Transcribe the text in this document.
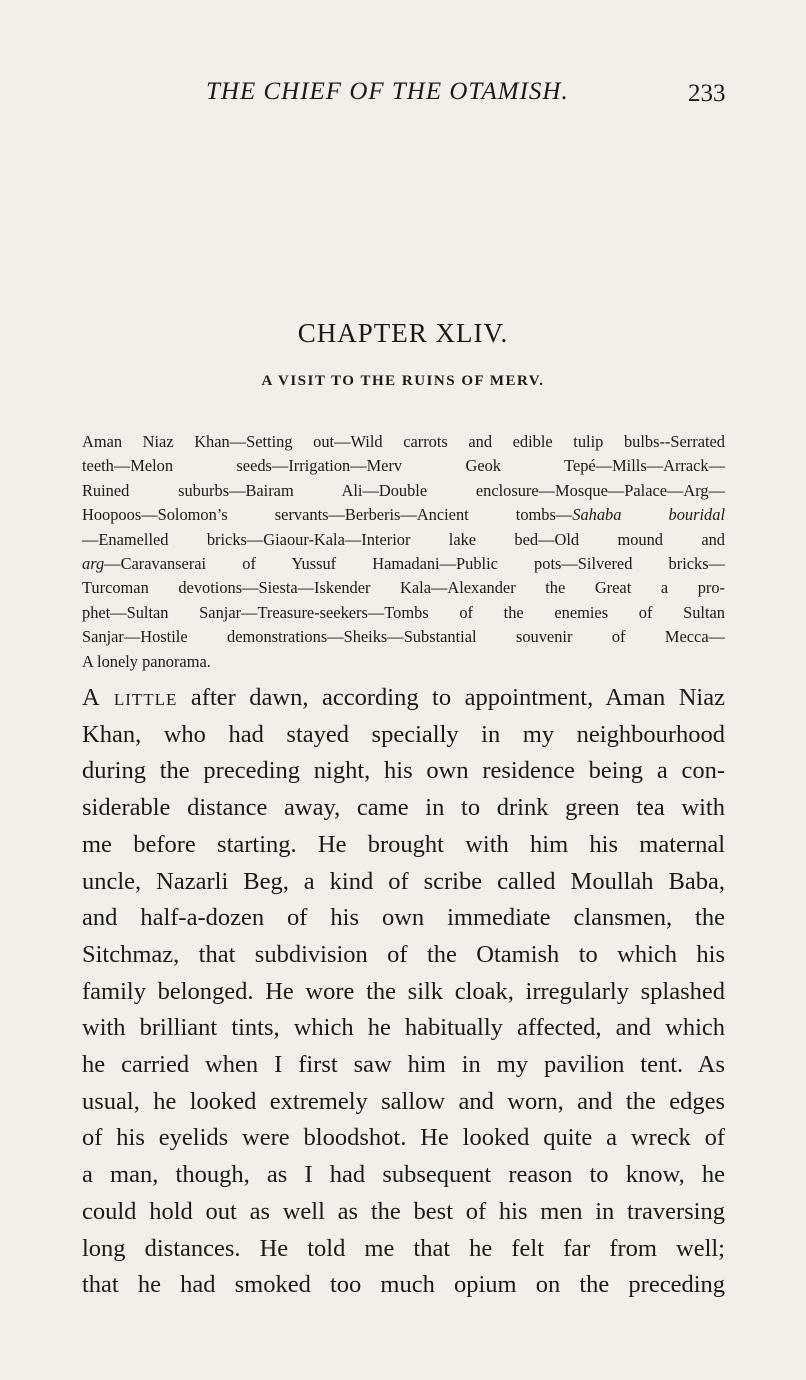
THE CHIEF OF THE OTAMISH.	233
CHAPTER XLIV.
A VISIT TO THE RUINS OF MERV.
Aman Niaz Khan—Setting out—Wild carrots and edible tulip bulbs--Serrated
teeth—Melon seeds—Irrigation—Merv Geok Tepé—Mills—Arrack—
Ruined suburbs—Bairam Ali—Double enclosure—Mosque—Palace—Arg—
Hoopoos—Solomon’s servants—Berberis—Ancient tombs—Sahaba bouridal
—Enamelled bricks—Giaour-Kala—Interior lake bed—Old mound and
arg—Caravanserai of Yussuf Hamadani—Public pots—Silvered bricks—
Turcoman devotions—Siesta—Iskender Kala—Alexander the Great a pro-
phet—Sultan Sanjar—Treasure-seekers—Tombs of the enemies of Sultan
Sanjar—Hostile demonstrations—Sheiks—Substantial souvenir of Mecca—
A lonely panorama.
A little after dawn, according to appointment, Aman Niaz
Khan, who had stayed specially in my neighbourhood
during the preceding night, his own residence being a con-
siderable distance away, came in to drink green tea with
me before starting. He brought with him his maternal
uncle, Nazarli Beg, a kind of scribe called Moullah Baba,
and half-a-dozen of his own immediate clansmen, the
Sitchmaz, that subdivision of the Otamish to which his
family belonged. He wore the silk cloak, irregularly splashed
with brilliant tints, which he habitually affected, and which
he carried when I first saw him in my pavilion tent. As
usual, he looked extremely sallow and worn, and the edges
of his eyelids were bloodshot. He looked quite a wreck of
a man, though, as I had subsequent reason to know, he
could hold out as well as the best of his men in traversing
long distances. He told me that he felt far from well;
that he had smoked too much opium on the preceding
